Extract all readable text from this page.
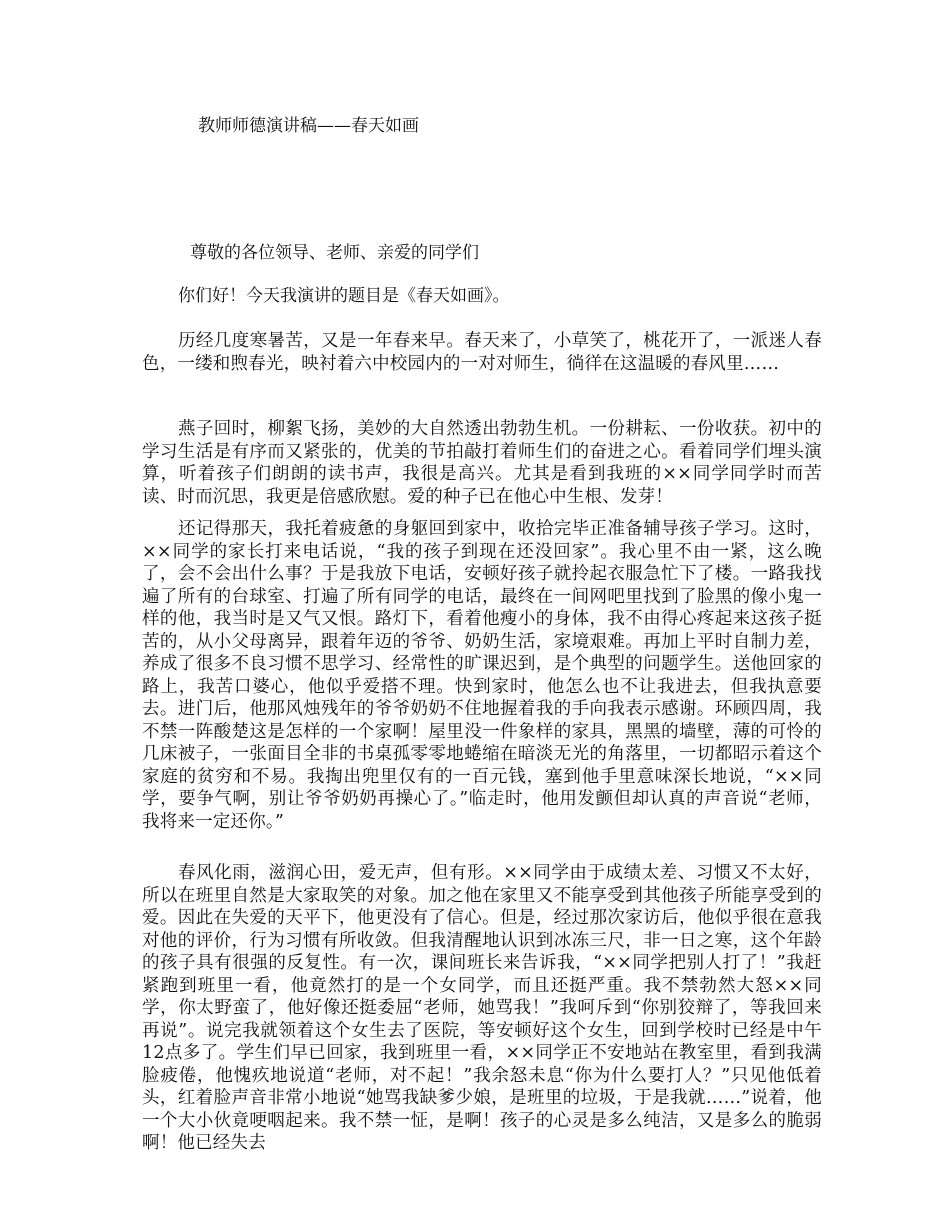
教师师德演讲稿——春天如画

尊敬的各位领导、老师、亲爱的同学们

你们好！今天我演讲的题目是《春天如画》。

历经几度寒暑苦，又是一年春来早。春天来了，小草笑了，桃花开了，一派迷人春色，一缕和煦春光，映衬着六中校园内的一对对师生，徜徉在这温暖的春风里……

燕子回时，柳絮飞扬，美妙的大自然透出勃勃生机。一份耕耘、一份收获。初中的学习生活是有序而又紧张的，优美的节拍敲打着师生们的奋进之心。看着同学们埋头演算，听着孩子们朗朗的读书声，我很是高兴。尤其是看到我班的××同学同学时而苦读、时而沉思，我更是倍感欣慰。爱的种子已在他心中生根、发芽！

还记得那天，我托着疲惫的身躯回到家中，收拾完毕正准备辅导孩子学习。这时，××同学的家长打来电话说，“我的孩子到现在还没回家”。我心里不由一紧，这么晚了，会不会出什么事？于是我放下电话，安顿好孩子就拎起衣服急忙下了楼。一路我找遍了所有的台球室、打遍了所有同学的电话，最终在一间网吧里找到了脸黑的像小鬼一样的他，我当时是又气又恨。路灯下，看着他瘦小的身体，我不由得心疼起来这孩子挺苦的，从小父母离异，跟着年迈的爷爷、奶奶生活，家境艰难。再加上平时自制力差，养成了很多不良习惯不思学习、经常性的旷课迟到，是个典型的问题学生。送他回家的路上，我苦口婆心，他似乎爱搭不理。快到家时，他怎么也不让我进去，但我执意要去。进门后，他那风烛残年的爷爷奶奶不住地握着我的手向我表示感谢。环顾四周，我不禁一阵酸楚这是怎样的一个家啊！屋里没一件象样的家具，黑黑的墙壁，薄的可怜的几床被子，一张面目全非的书桌孤零零地蜷缩在暗淡无光的角落里，一切都昭示着这个家庭的贫穷和不易。我掏出兜里仅有的一百元钱，塞到他手里意味深长地说，“××同学，要争气啊，别让爷爷奶奶再操心了。”临走时，他用发颤但却认真的声音说“老师，我将来一定还你。”

春风化雨，滋润心田，爱无声，但有形。××同学由于成绩太差、习惯又不太好，所以在班里自然是大家取笑的对象。加之他在家里又不能享受到其他孩子所能享受到的爱。因此在失爱的天平下，他更没有了信心。但是，经过那次家访后，他似乎很在意我对他的评价，行为习惯有所收敛。但我清醒地认识到冰冻三尺，非一日之寒，这个年龄的孩子具有很强的反复性。有一次，课间班长来告诉我，“××同学把别人打了！”我赶紧跑到班里一看，他竟然打的是一个女同学，而且还挺严重。我不禁勃然大怒××同学，你太野蛮了，他好像还挺委屈“老师，她骂我！”我呵斥到“你别狡辩了，等我回来再说”。说完我就领着这个女生去了医院，等安顿好这个女生，回到学校时已经是中午12点多了。学生们早已回家，我到班里一看，××同学正不安地站在教室里，看到我满脸疲倦，他愧疚地说道“老师，对不起！”我余怒未息“你为什么要打人？”只见他低着头，红着脸声音非常小地说“她骂我缺爹少娘，是班里的垃圾，于是我就……”说着，他一个大小伙竟哽咽起来。我不禁一怔，是啊！孩子的心灵是多么纯洁，又是多么的脆弱啊！他已经失去
